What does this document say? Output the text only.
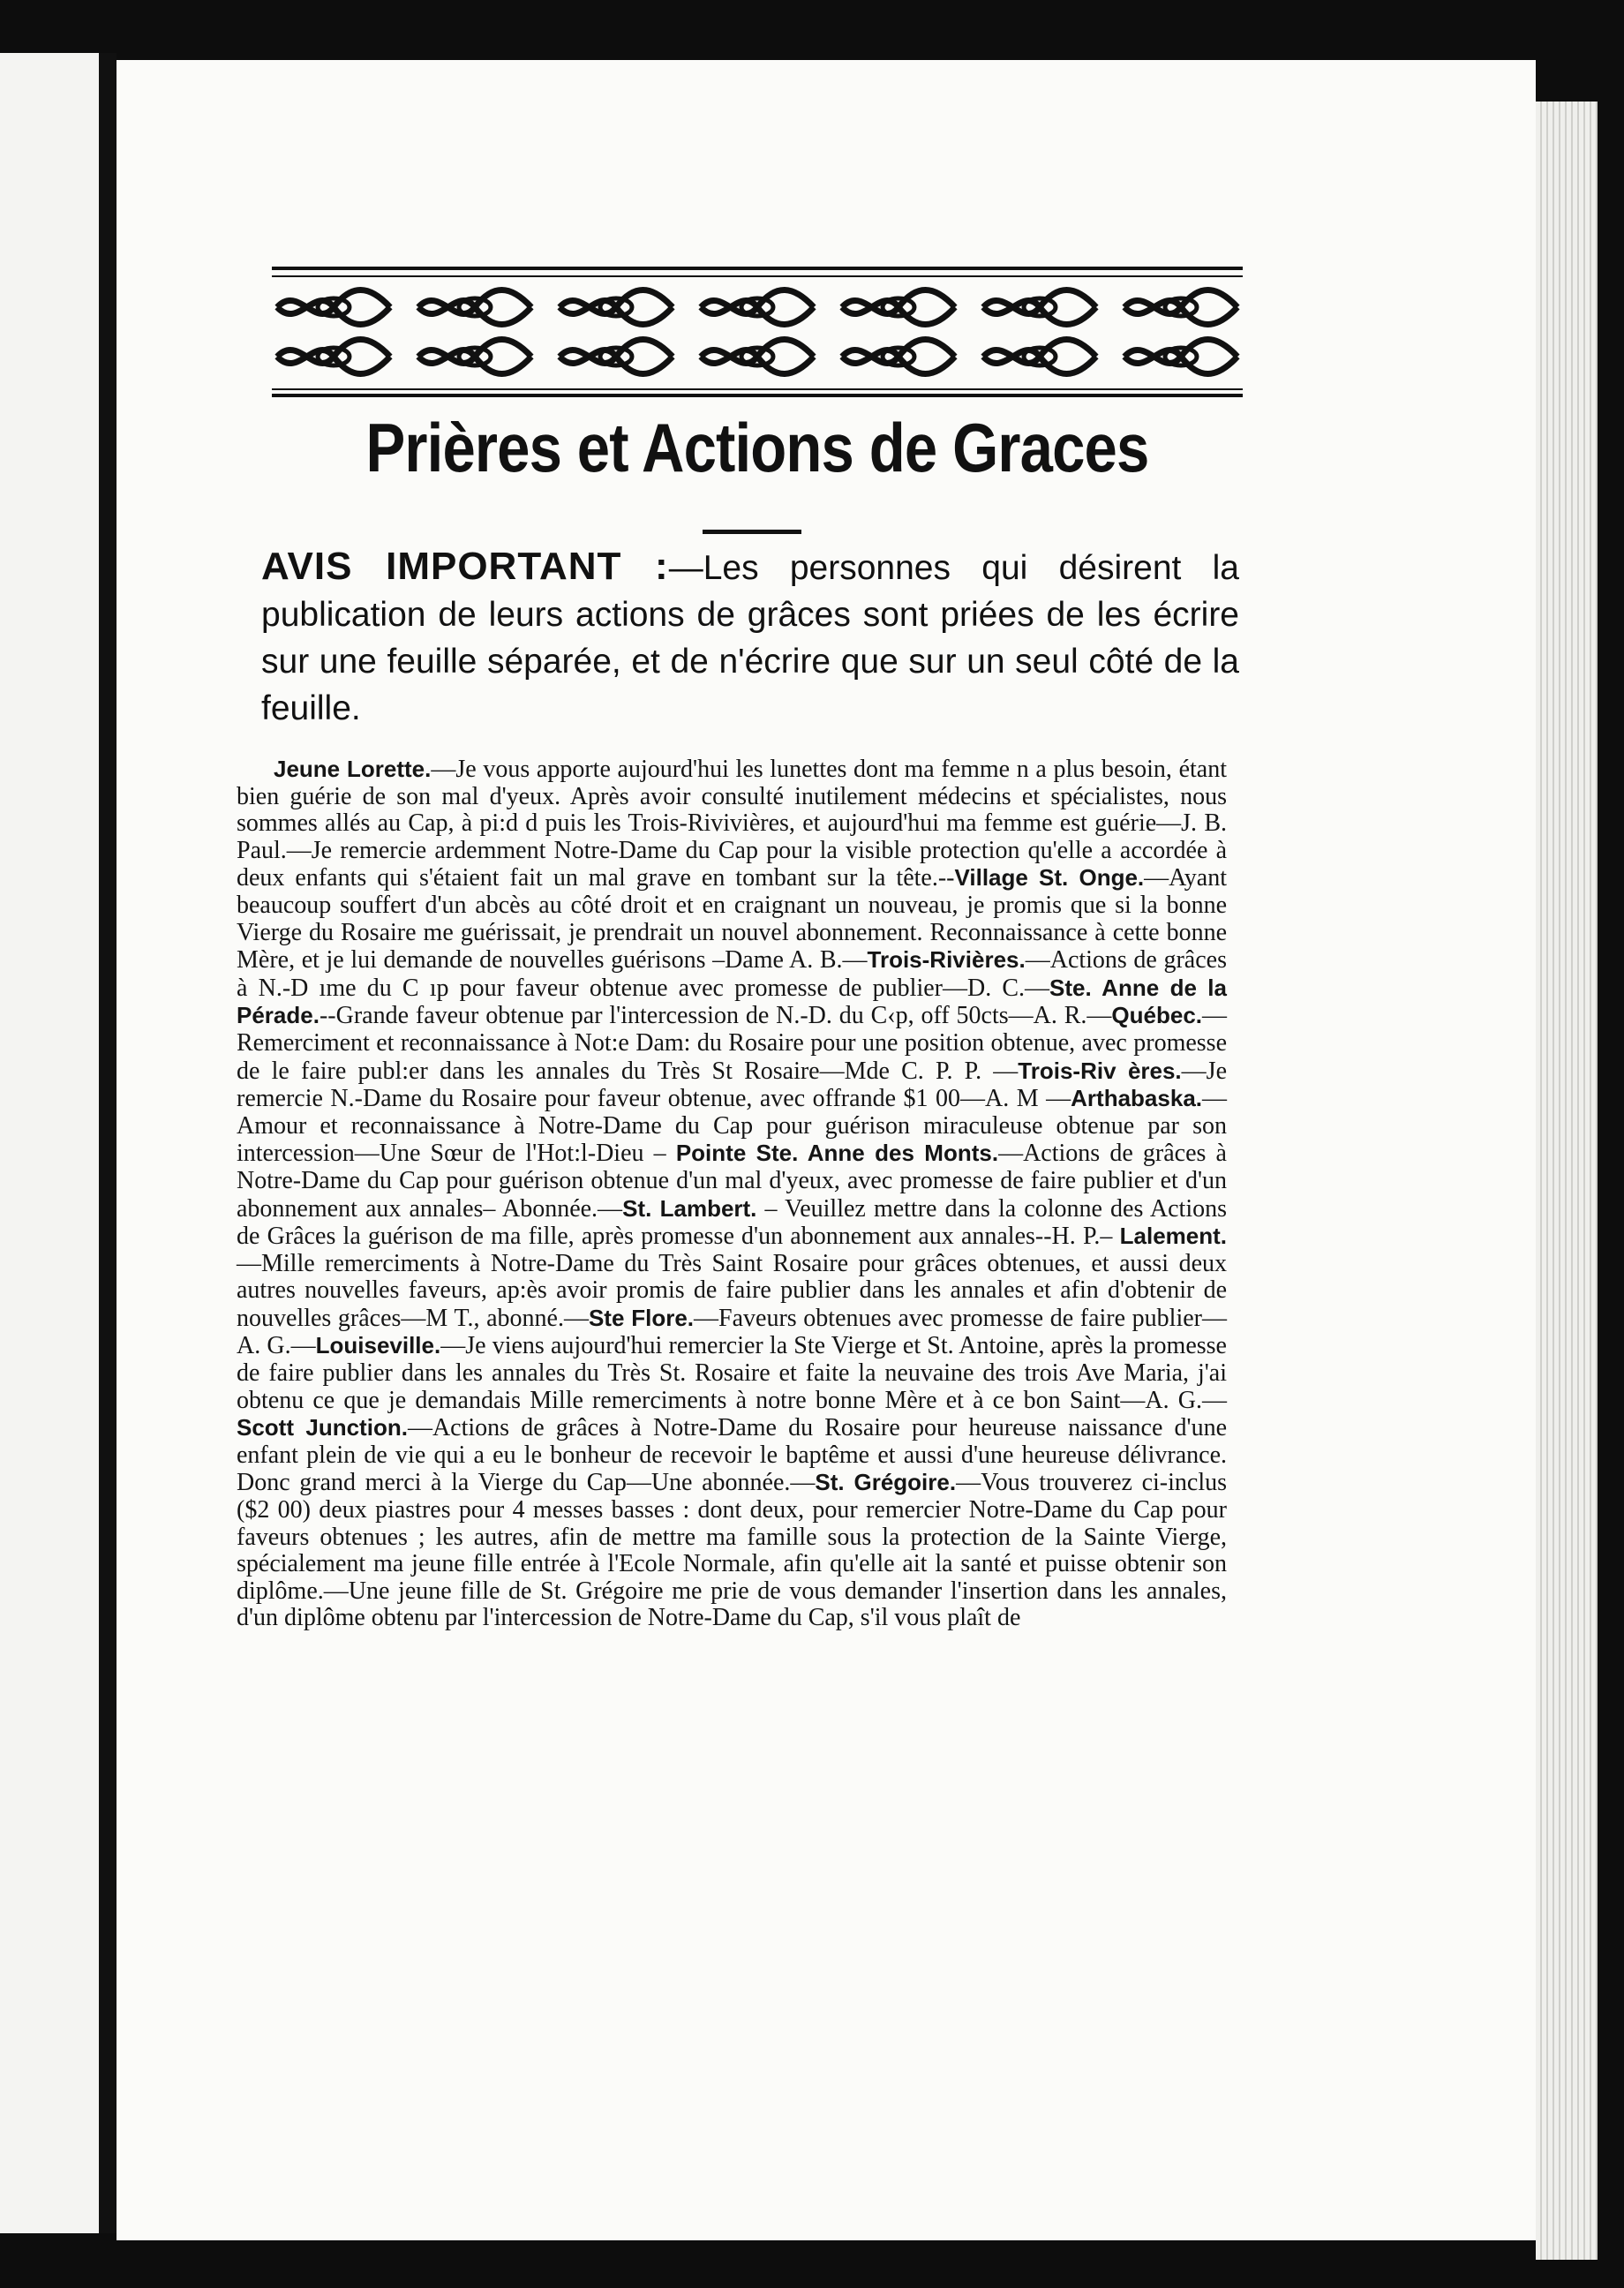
Prières et Actions de Graces

AVIS IMPORTANT :—Les personnes qui désirent la publication de leurs actions de grâces sont priées de les écrire sur une feuille séparée, et de n'écrire que sur un seul côté de la feuille.

Jeune Lorette.—Je vous apporte aujourd'hui les lunettes dont ma femme n a plus besoin, étant bien guérie de son mal d'yeux. Après avoir consulté inutilement médecins et spécialistes, nous sommes allés au Cap, à pi:d d puis les Trois-Rivivières, et aujourd'hui ma femme est guérie—J. B. Paul.—Je remercie ardemment Notre-Dame du Cap pour la visible protection qu'elle a accordée à deux enfants qui s'étaient fait un mal grave en tombant sur la tête.--Village St. Onge.—Ayant beaucoup souffert d'un abcès au côté droit et en craignant un nouveau, je promis que si la bonne Vierge du Rosaire me guérissait, je prendrait un nouvel abonnement. Reconnaissance à cette bonne Mère, et je lui demande de nouvelles guérisons –Dame A. B.—Trois-Rivières.—Actions de grâces à N.-D ıme du C ıp pour faveur obtenue avec promesse de publier—D. C.—Ste. Anne de la Pérade.--Grande faveur obtenue par l'intercession de N.-D. du C‹p, off 50cts—A. R.—Québec.—Remerciment et reconnaissance à Not:e Dam: du Rosaire pour une position obtenue, avec promesse de le faire publ:er dans les annales du Très St Rosaire—Mde C. P. P. —Trois-Riv ères.—Je remercie N.-Dame du Rosaire pour faveur obtenue, avec offrande $1 00—A. M —Arthabaska.—Amour et reconnaissance à Notre-Dame du Cap pour guérison miraculeuse obtenue par son intercession—Une Sœur de l'Hot:l-Dieu – Pointe Ste. Anne des Monts.—Actions de grâces à Notre-Dame du Cap pour guérison obtenue d'un mal d'yeux, avec promesse de faire publier et d'un abonnement aux annales– Abonnée.—St. Lambert. – Veuillez mettre dans la colonne des Actions de Grâces la guérison de ma fille, après promesse d'un abonnement aux annales--H. P.– Lalement.—Mille remerciments à Notre-Dame du Très Saint Rosaire pour grâces obtenues, et aussi deux autres nouvelles faveurs, ap:ès avoir promis de faire publier dans les annales et afin d'obtenir de nouvelles grâces—M T., abonné.—Ste Flore.—Faveurs obtenues avec promesse de faire publier—A. G.—Louiseville.—Je viens aujourd'hui remercier la Ste Vierge et St. Antoine, après la promesse de faire publier dans les annales du Très St. Rosaire et faite la neuvaine des trois Ave Maria, j'ai obtenu ce que je demandais Mille remerciments à notre bonne Mère et à ce bon Saint—A. G.—Scott Junction.—Actions de grâces à Notre-Dame du Rosaire pour heureuse naissance d'une enfant plein de vie qui a eu le bonheur de recevoir le baptême et aussi d'une heureuse délivrance. Donc grand merci à la Vierge du Cap—Une abonnée.—St. Grégoire.—Vous trouverez ci-inclus ($2 00) deux piastres pour 4 messes basses : dont deux, pour remercier Notre-Dame du Cap pour faveurs obtenues ; les autres, afin de mettre ma famille sous la protection de la Sainte Vierge, spécialement ma jeune fille entrée à l'Ecole Normale, afin qu'elle ait la santé et puisse obtenir son diplôme.—Une jeune fille de St. Grégoire me prie de vous demander l'insertion dans les annales, d'un diplôme obtenu par l'intercession de Notre-Dame du Cap, s'il vous plaît de
